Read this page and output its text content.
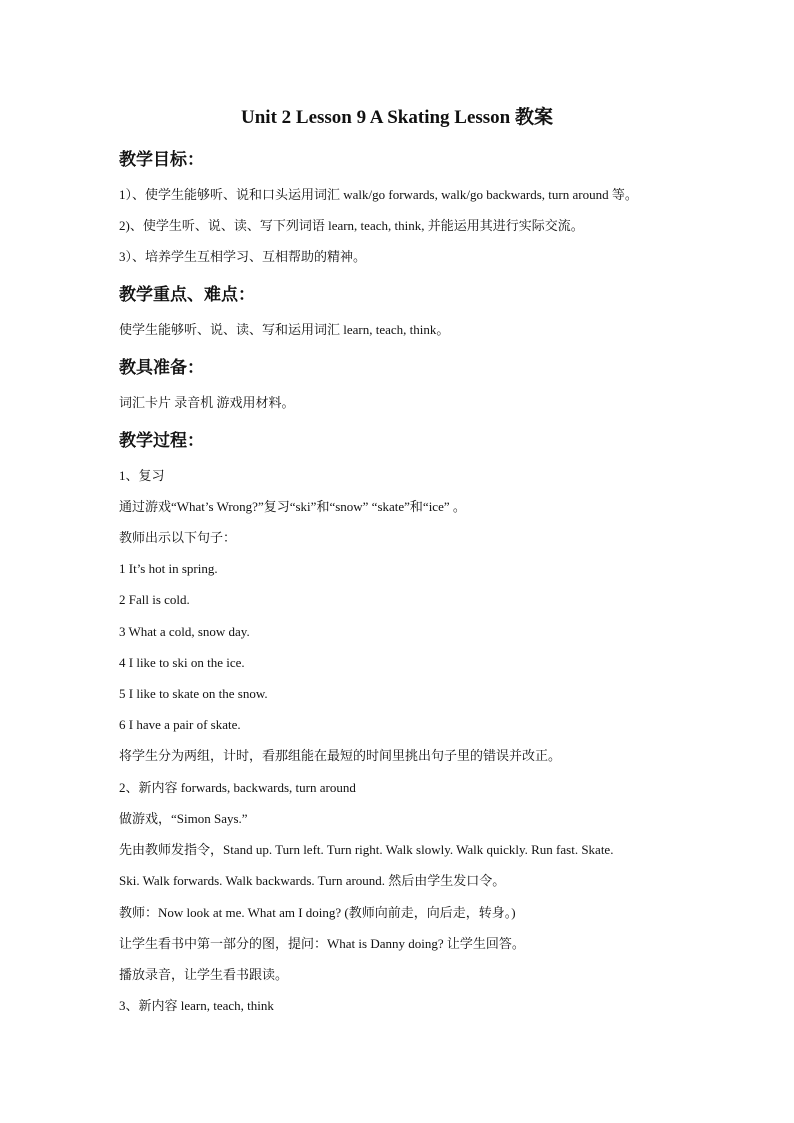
Unit 2 Lesson 9 A Skating Lesson 教案
教学目标：
1）、使学生能够听、说和口头运用词汇 walk/go forwards, walk/go backwards, turn around 等。
2)、使学生听、说、读、写下列词语 learn, teach, think, 并能运用其进行实际交流。
3）、培养学生互相学习、互相帮助的精神。
教学重点、难点：
使学生能够听、说、读、写和运用词汇 learn, teach, think。
教具准备：
词汇卡片 录音机 游戏用材料。
教学过程：
1、复习
通过游戏“What’s Wrong?”复习“ski”和“snow” “skate”和“ice” 。
教师出示以下句子：
1 It’s hot in spring.
2 Fall is cold.
3 What a cold, snow day.
4 I like to ski on the ice.
5 I like to skate on the snow.
6 I have a pair of skate.
将学生分为两组，计时，看那组能在最短的时间里挑出句子里的错误并改正。
2、新内容 forwards, backwards, turn around
做游戏，“Simon Says.”
先由教师发指令，Stand up. Turn left. Turn right. Walk slowly. Walk quickly. Run fast. Skate.
Ski. Walk forwards. Walk backwards. Turn around. 然后由学生发口令。
教师：Now look at me. What am I doing? (教师向前走，向后走，转身。)
让学生看书中第一部分的图，提问：What is Danny doing? 让学生回答。
播放录音，让学生看书跟读。
3、新内容 learn, teach, think
